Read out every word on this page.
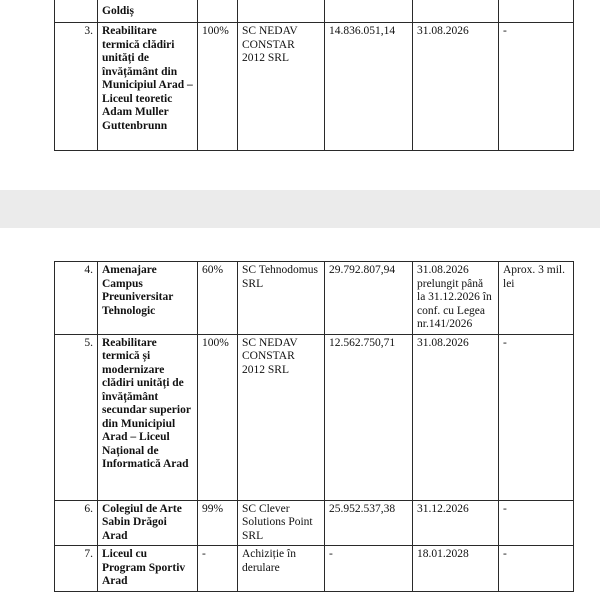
	Goldiș					
3.	Reabilitare termică clădiri unități de învățământ din Municipiul Arad – Liceul teoretic Adam Muller Guttenbrunn	100%	SC NEDAV CONSTAR 2012 SRL	14.836.051,14	31.08.2026	-
4.	Amenajare Campus Preuniversitar Tehnologic	60%	SC Tehnodomus SRL	29.792.807,94	31.08.2026 prelungit până la 31.12.2026 în conf. cu Legea nr.141/2026	Aprox. 3 mil. lei
5.	Reabilitare termică și modernizare clădiri unități de învățământ secundar superior din Municipiul Arad – Liceul Național de Informatică Arad	100%	SC NEDAV CONSTAR 2012 SRL	12.562.750,71	31.08.2026	-
6.	Colegiul de Arte Sabin Drăgoi Arad	99%	SC Clever Solutions Point SRL	25.952.537,38	31.12.2026	-
7.	Liceul cu Program Sportiv Arad	-	Achiziție în derulare	-	18.01.2028	-
